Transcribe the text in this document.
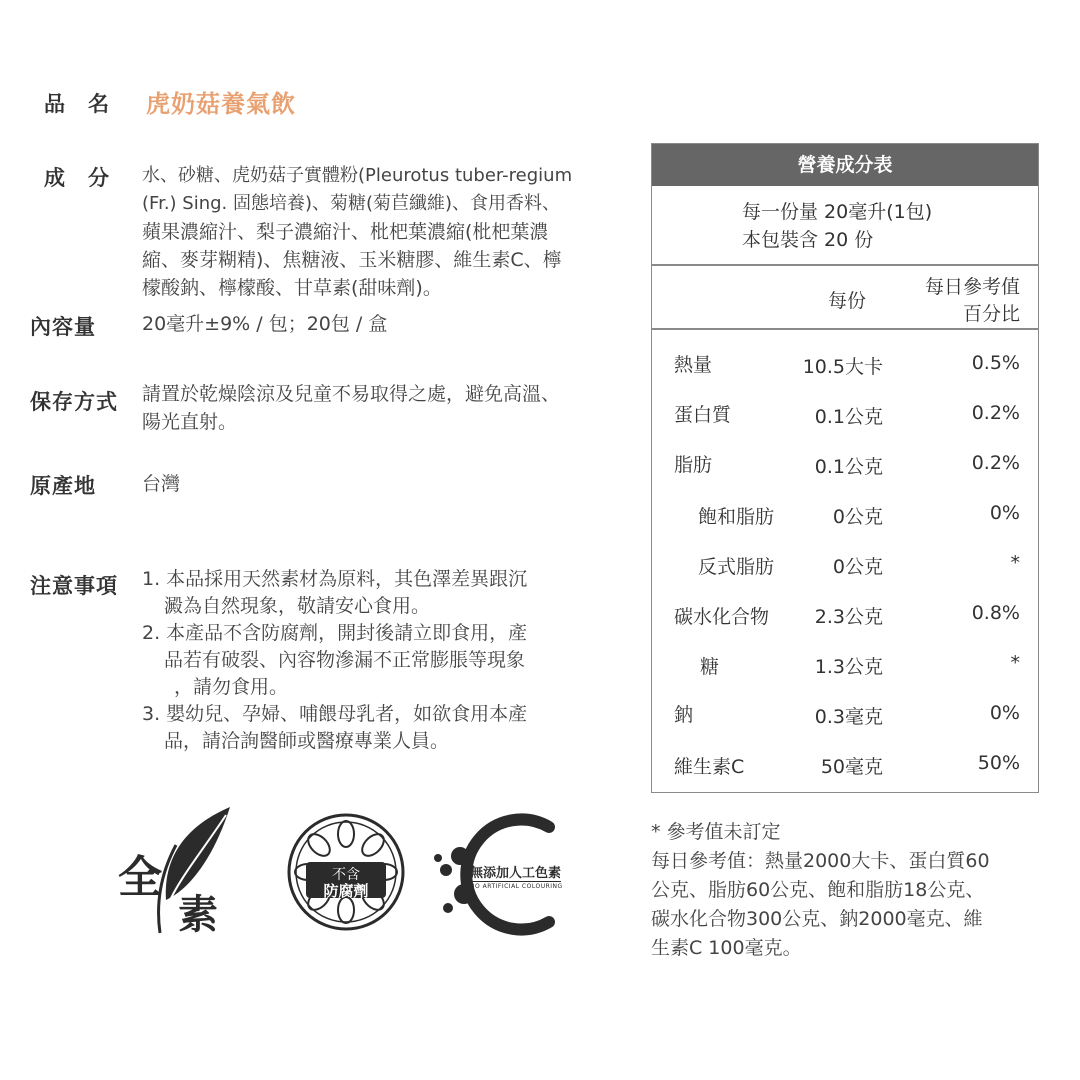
品　名 虎奶菇養氣飲
成　分 水、砂糖、虎奶菇子實體粉(Pleurotus tuber-regium
(Fr.) Sing. 固態培養)、菊糖(菊苣纖維)、食用香料、
蘋果濃縮汁、梨子濃縮汁、枇杷葉濃縮(枇杷葉濃
縮、麥芽糊精)、焦糖液、玉米糖膠、維生素C、檸
檬酸鈉、檸檬酸、甘草素(甜味劑)。
內容量 20毫升±9% / 包；20包 / 盒
保存方式 請置於乾燥陰涼及兒童不易取得之處，避免高溫、
陽光直射。
原產地 台灣
注意事項 1. 本品採用天然素材為原料，其色澤差異跟沉
澱為自然現象，敬請安心食用。
2. 本產品不含防腐劑，開封後請立即食用，產
品若有破裂、內容物滲漏不正常膨脹等現象
，請勿食用。
3. 嬰幼兒、孕婦、哺餵母乳者，如欲食用本產
品，請洽詢醫師或醫療專業人員。
營養成分表
每一份量 20毫升(1包)
本包裝含 20 份
每份
每日參考值
百分比
熱量	10.5大卡	0.5%
蛋白質	0.1公克	0.2%
脂肪	0.1公克	0.2%
飽和脂肪	0公克	0%
反式脂肪	0公克	*
碳水化合物 2.3公克	0.8%
糖	1.3公克	*
鈉	0.3毫克	0%
維生素C	50毫克	50%
* 參考值未訂定
每日參考值：熱量2000大卡、蛋白質60
公克、脂肪60公克、飽和脂肪18公克、
碳水化合物300公克、鈉2000毫克、維
生素C 100毫克。
全
素
不含
防腐劑
無添加人工色素
NO ARTIFICIAL COLOURING
